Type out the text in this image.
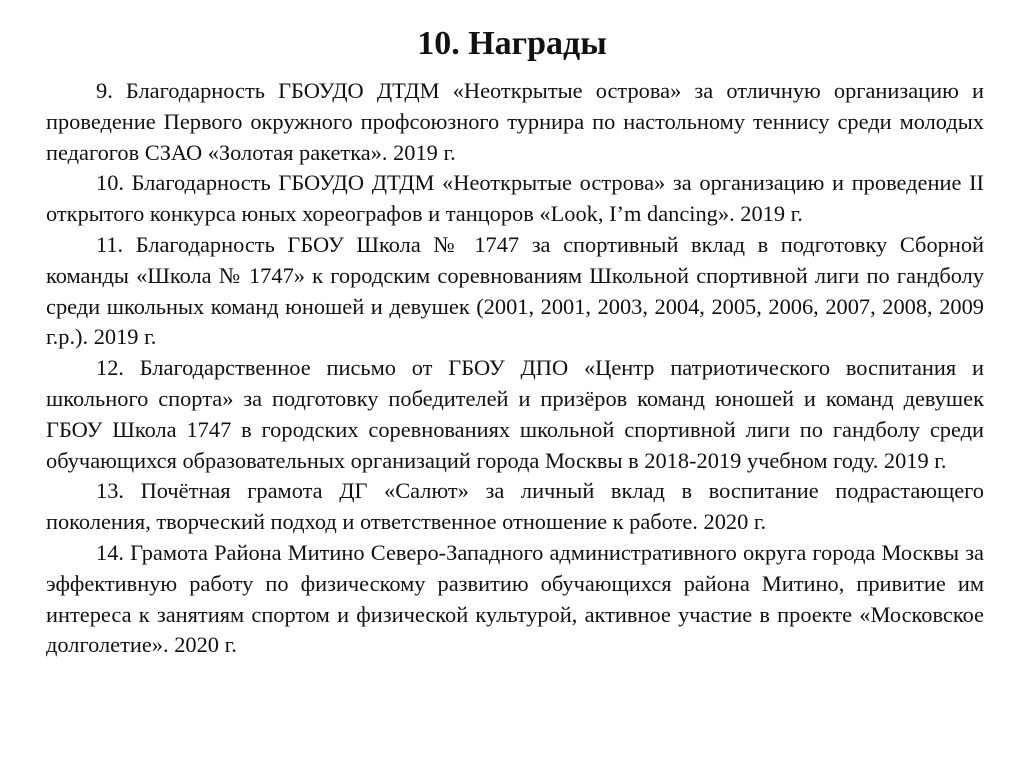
10. Награды

9. Благодарность ГБОУДО ДТДМ «Неоткрытые острова» за отличную организацию и проведение Первого окружного профсоюзного турнира по настольному теннису среди молодых педагогов СЗАО «Золотая ракетка». 2019 г.

10. Благодарность ГБОУДО ДТДМ «Неоткрытые острова» за организацию и проведение II открытого конкурса юных хореографов и танцоров «Look, I’m dancing». 2019 г.

11. Благодарность ГБОУ Школа № 1747 за спортивный вклад в подготовку Сборной команды «Школа № 1747» к городским соревнованиям Школьной спортивной лиги по гандболу среди школьных команд юношей и девушек (2001, 2001, 2003, 2004, 2005, 2006, 2007, 2008, 2009 г.р.). 2019 г.

12. Благодарственное письмо от ГБОУ ДПО «Центр патриотического воспитания и школьного спорта» за подготовку победителей и призёров команд юношей и команд девушек ГБОУ Школа 1747 в городских соревнованиях школьной спортивной лиги по гандболу среди обучающихся образовательных организаций города Москвы в 2018-2019 учебном году. 2019 г.

13. Почётная грамота ДГ «Салют» за личный вклад в воспитание подрастающего поколения, творческий подход и ответственное отношение к работе. 2020 г.

14. Грамота Района Митино Северо-Западного административного округа города Москвы за эффективную работу по физическому развитию обучающихся района Митино, привитие им интереса к занятиям спортом и физической культурой, активное участие в проекте «Московское долголетие». 2020 г.
